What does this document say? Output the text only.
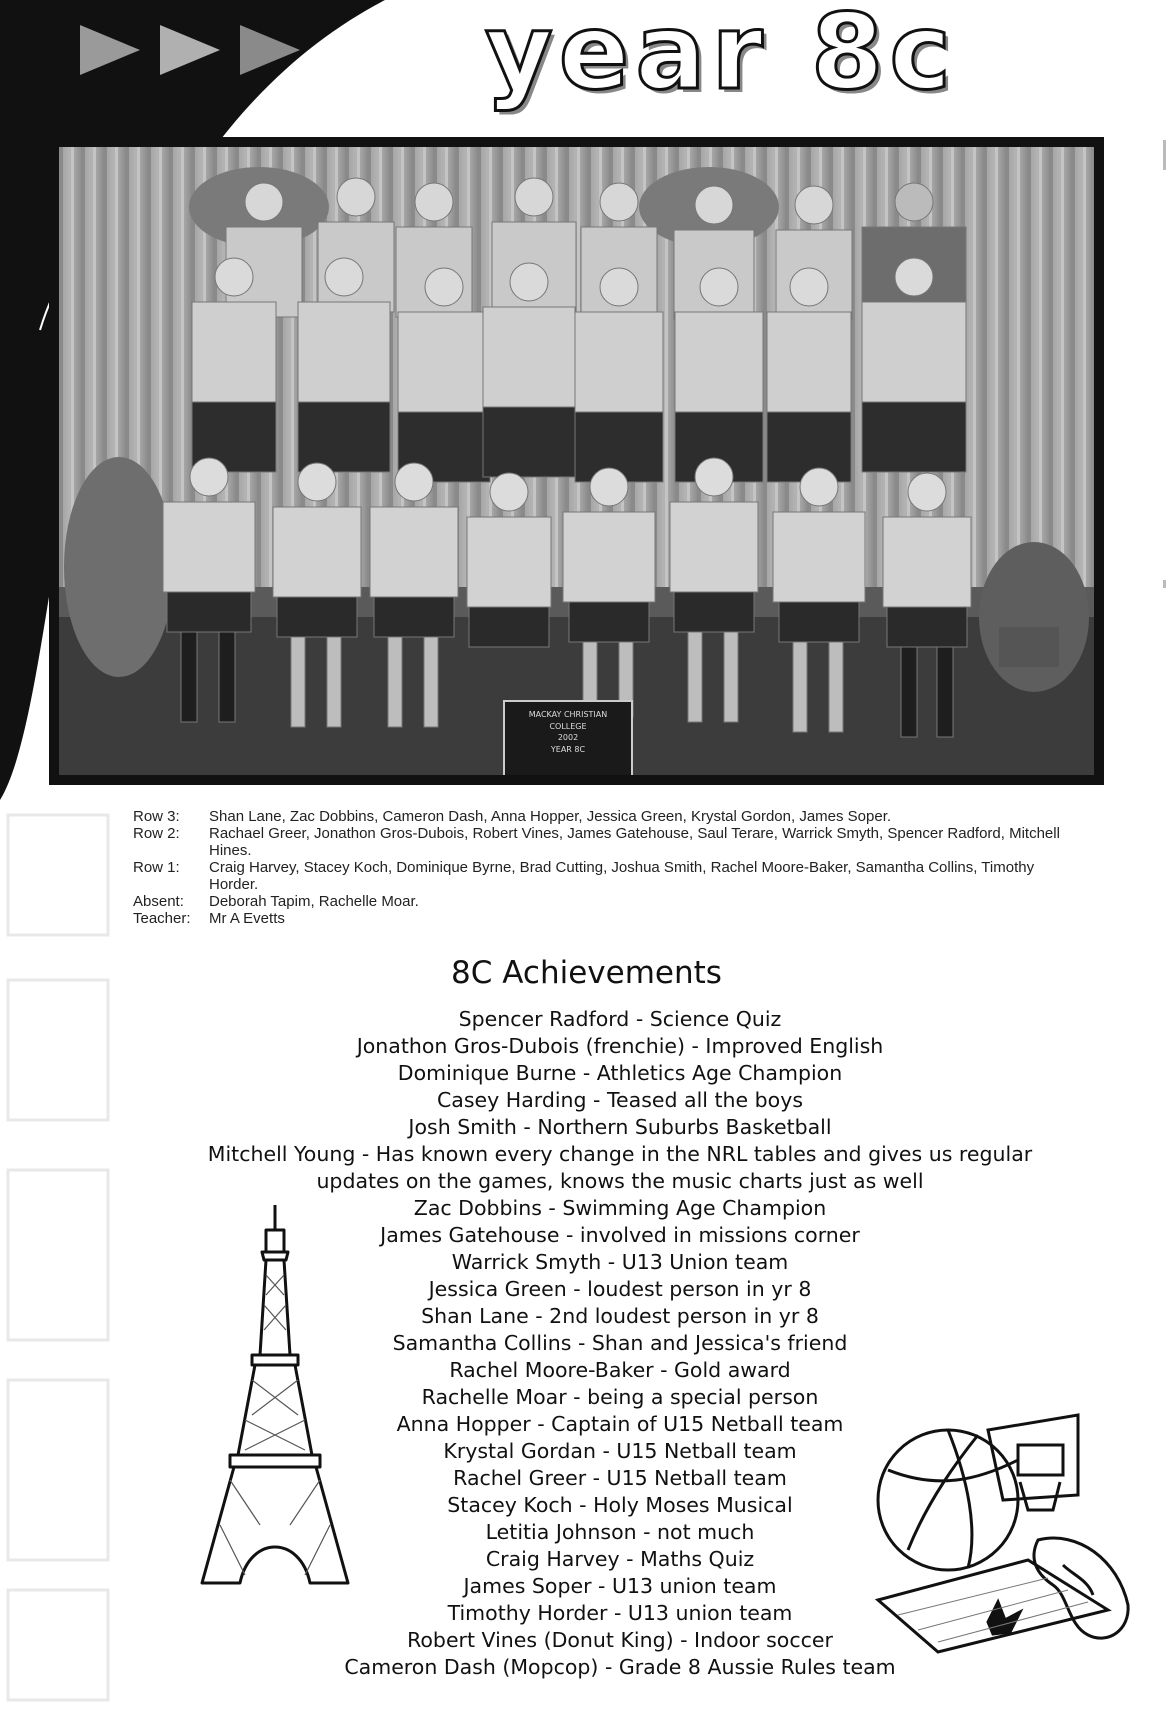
year 8c
MACKAY CHRISTIAN
COLLEGE
2002
YEAR 8C
Row 3:	Shan Lane, Zac Dobbins, Cameron Dash, Anna Hopper, Jessica Green, Krystal Gordon, James Soper.
Row 2:	Rachael Greer, Jonathon Gros-Dubois, Robert Vines, James Gatehouse, Saul Terare, Warrick Smyth, Spencer Radford, Mitchell Hines.
Row 1:	Craig Harvey, Stacey Koch, Dominique Byrne, Brad Cutting, Joshua Smith, Rachel Moore-Baker, Samantha Collins, Timothy Horder.
Absent:	Deborah Tapim, Rachelle Moar.
Teacher:	Mr A Evetts
8C Achievements
Spencer Radford - Science Quiz
Jonathon Gros-Dubois (frenchie) - Improved English
Dominique Burne - Athletics Age Champion
Casey Harding - Teased all the boys
Josh Smith - Northern Suburbs Basketball
Mitchell Young - Has known every change in the NRL tables and gives us regular updates on the games, knows the music charts just as well
Zac Dobbins - Swimming Age Champion
James Gatehouse - involved in missions corner
Warrick Smyth - U13 Union team
Jessica Green - loudest person in yr 8
Shan Lane - 2nd loudest person in yr 8
Samantha Collins - Shan and Jessica's friend
Rachel Moore-Baker - Gold award
Rachelle Moar - being a special person
Anna Hopper - Captain of U15 Netball team
Krystal Gordan - U15 Netball team
Rachel Greer - U15 Netball team
Stacey Koch - Holy Moses Musical
Letitia Johnson - not much
Craig Harvey - Maths Quiz
James Soper - U13 union team
Timothy Horder - U13 union team
Robert Vines (Donut King) - Indoor soccer
Cameron Dash (Mopcop) - Grade 8 Aussie Rules team
